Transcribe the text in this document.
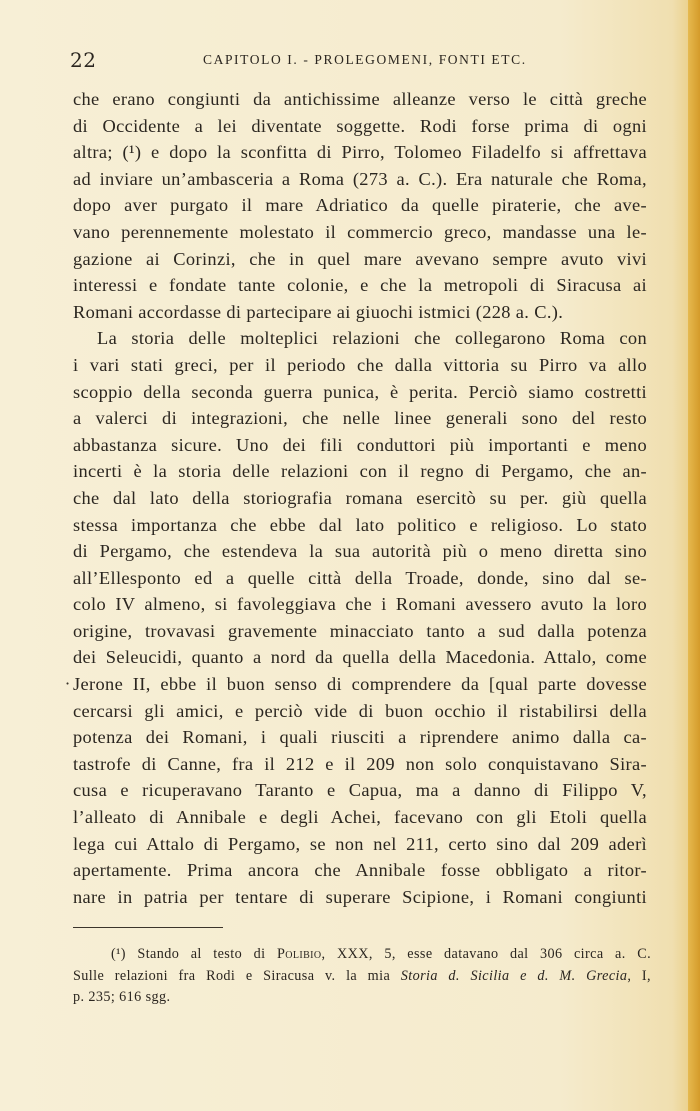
22	CAPITOLO I. - PROLEGOMENI, FONTI ETC.
che erano congiunti da antichissime alleanze verso le città greche
di Occidente a lei diventate soggette. Rodi forse prima di ogni
altra; (¹) e dopo la sconfitta di Pirro, Tolomeo Filadelfo si affrettava
ad inviare un’ambasceria a Roma (273 a. C.). Era naturale che Roma,
dopo aver purgato il mare Adriatico da quelle piraterie, che ave-
vano perennemente molestato il commercio greco, mandasse una le-
gazione ai Corinzi, che in quel mare avevano sempre avuto vivi
interessi e fondate tante colonie, e che la metropoli di Siracusa ai
Romani accordasse di partecipare ai giuochi istmici (228 a. C.).
La storia delle molteplici relazioni che collegarono Roma con
i vari stati greci, per il periodo che dalla vittoria su Pirro va allo
scoppio della seconda guerra punica, è perita. Perciò siamo costretti
a valerci di integrazioni, che nelle linee generali sono del resto
abbastanza sicure. Uno dei fili conduttori più importanti e meno
incerti è la storia delle relazioni con il regno di Pergamo, che an-
che dal lato della storiografia romana esercitò su per. giù quella
stessa importanza che ebbe dal lato politico e religioso. Lo stato
di Pergamo, che estendeva la sua autorità più o meno diretta sino
all’Ellesponto ed a quelle città della Troade, donde, sino dal se-
colo IV almeno, si favoleggiava che i Romani avessero avuto la loro
origine, trovavasi gravemente minacciato tanto a sud dalla potenza
dei Seleucidi, quanto a nord da quella della Macedonia. Attalo, come
Jerone II, ebbe il buon senso di comprendere da [qual parte dovesse
cercarsi gli amici, e perciò vide di buon occhio il ristabilirsi della
potenza dei Romani, i quali riusciti a riprendere animo dalla ca-
tastrofe di Canne, fra il 212 e il 209 non solo conquistavano Sira-
cusa e ricuperavano Taranto e Capua, ma a danno di Filippo V,
l’alleato di Annibale e degli Achei, facevano con gli Etoli quella
lega cui Attalo di Pergamo, se non nel 211, certo sino dal 209 aderì
apertamente. Prima ancora che Annibale fosse obbligato a ritor-
nare in patria per tentare di superare Scipione, i Romani congiunti
·
(¹) Stando al testo di Polibio, XXX, 5, esse datavano dal 306 circa a. C.
Sulle relazioni fra Rodi e Siracusa v. la mia Storia d. Sicilia e d. M. Grecia, I,
p. 235; 616 sgg.
